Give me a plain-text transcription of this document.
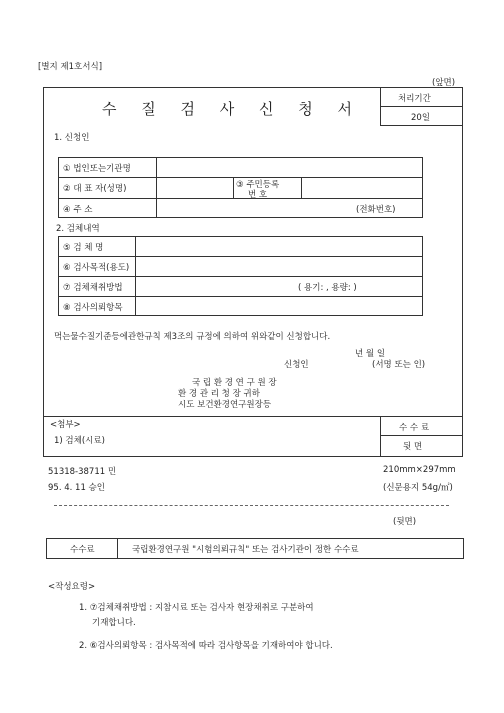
[별지 제1호서식]
(앞면)
수 질 검 사 신 청 서
처리기간
20일
1. 신청인
① 법인또는기관명
② 대 표 자(성명)	③ 주민등록
번 호
④ 주 소	(전화번호)
2. 검체내역
⑤ 검 체 명
⑥ 검사목적(용도)
⑦ 검체채취방법	( 용기: , 용량: )
⑧ 검사의뢰항목
먹는물수질기준등에관한규칙 제3조의 규정에 의하여 위와같이 신청합니다.
년 월 일
신청인	(서명 또는 인)
국 립 환 경 연 구 원 장
환 경 관 리 청 장 귀하
시도 보건환경연구원장등
<첨부>
1) 검체(시료)
수 수 료
뒷 면
51318-38711 민	210mm×297mm
95. 4. 11 승인	(신문용지 54g/㎡)
(뒷면)
수수료	국립환경연구원 "시험의뢰규칙" 또는 검사기관이 정한 수수료
<작성요령>
1. ⑦검체채취방법 : 지참시료 또는 검사자 현장채취로 구분하여
기재합니다.
2. ⑥검사의뢰항목 : 검사목적에 따라 검사항목을 기재하여야 합니다.
